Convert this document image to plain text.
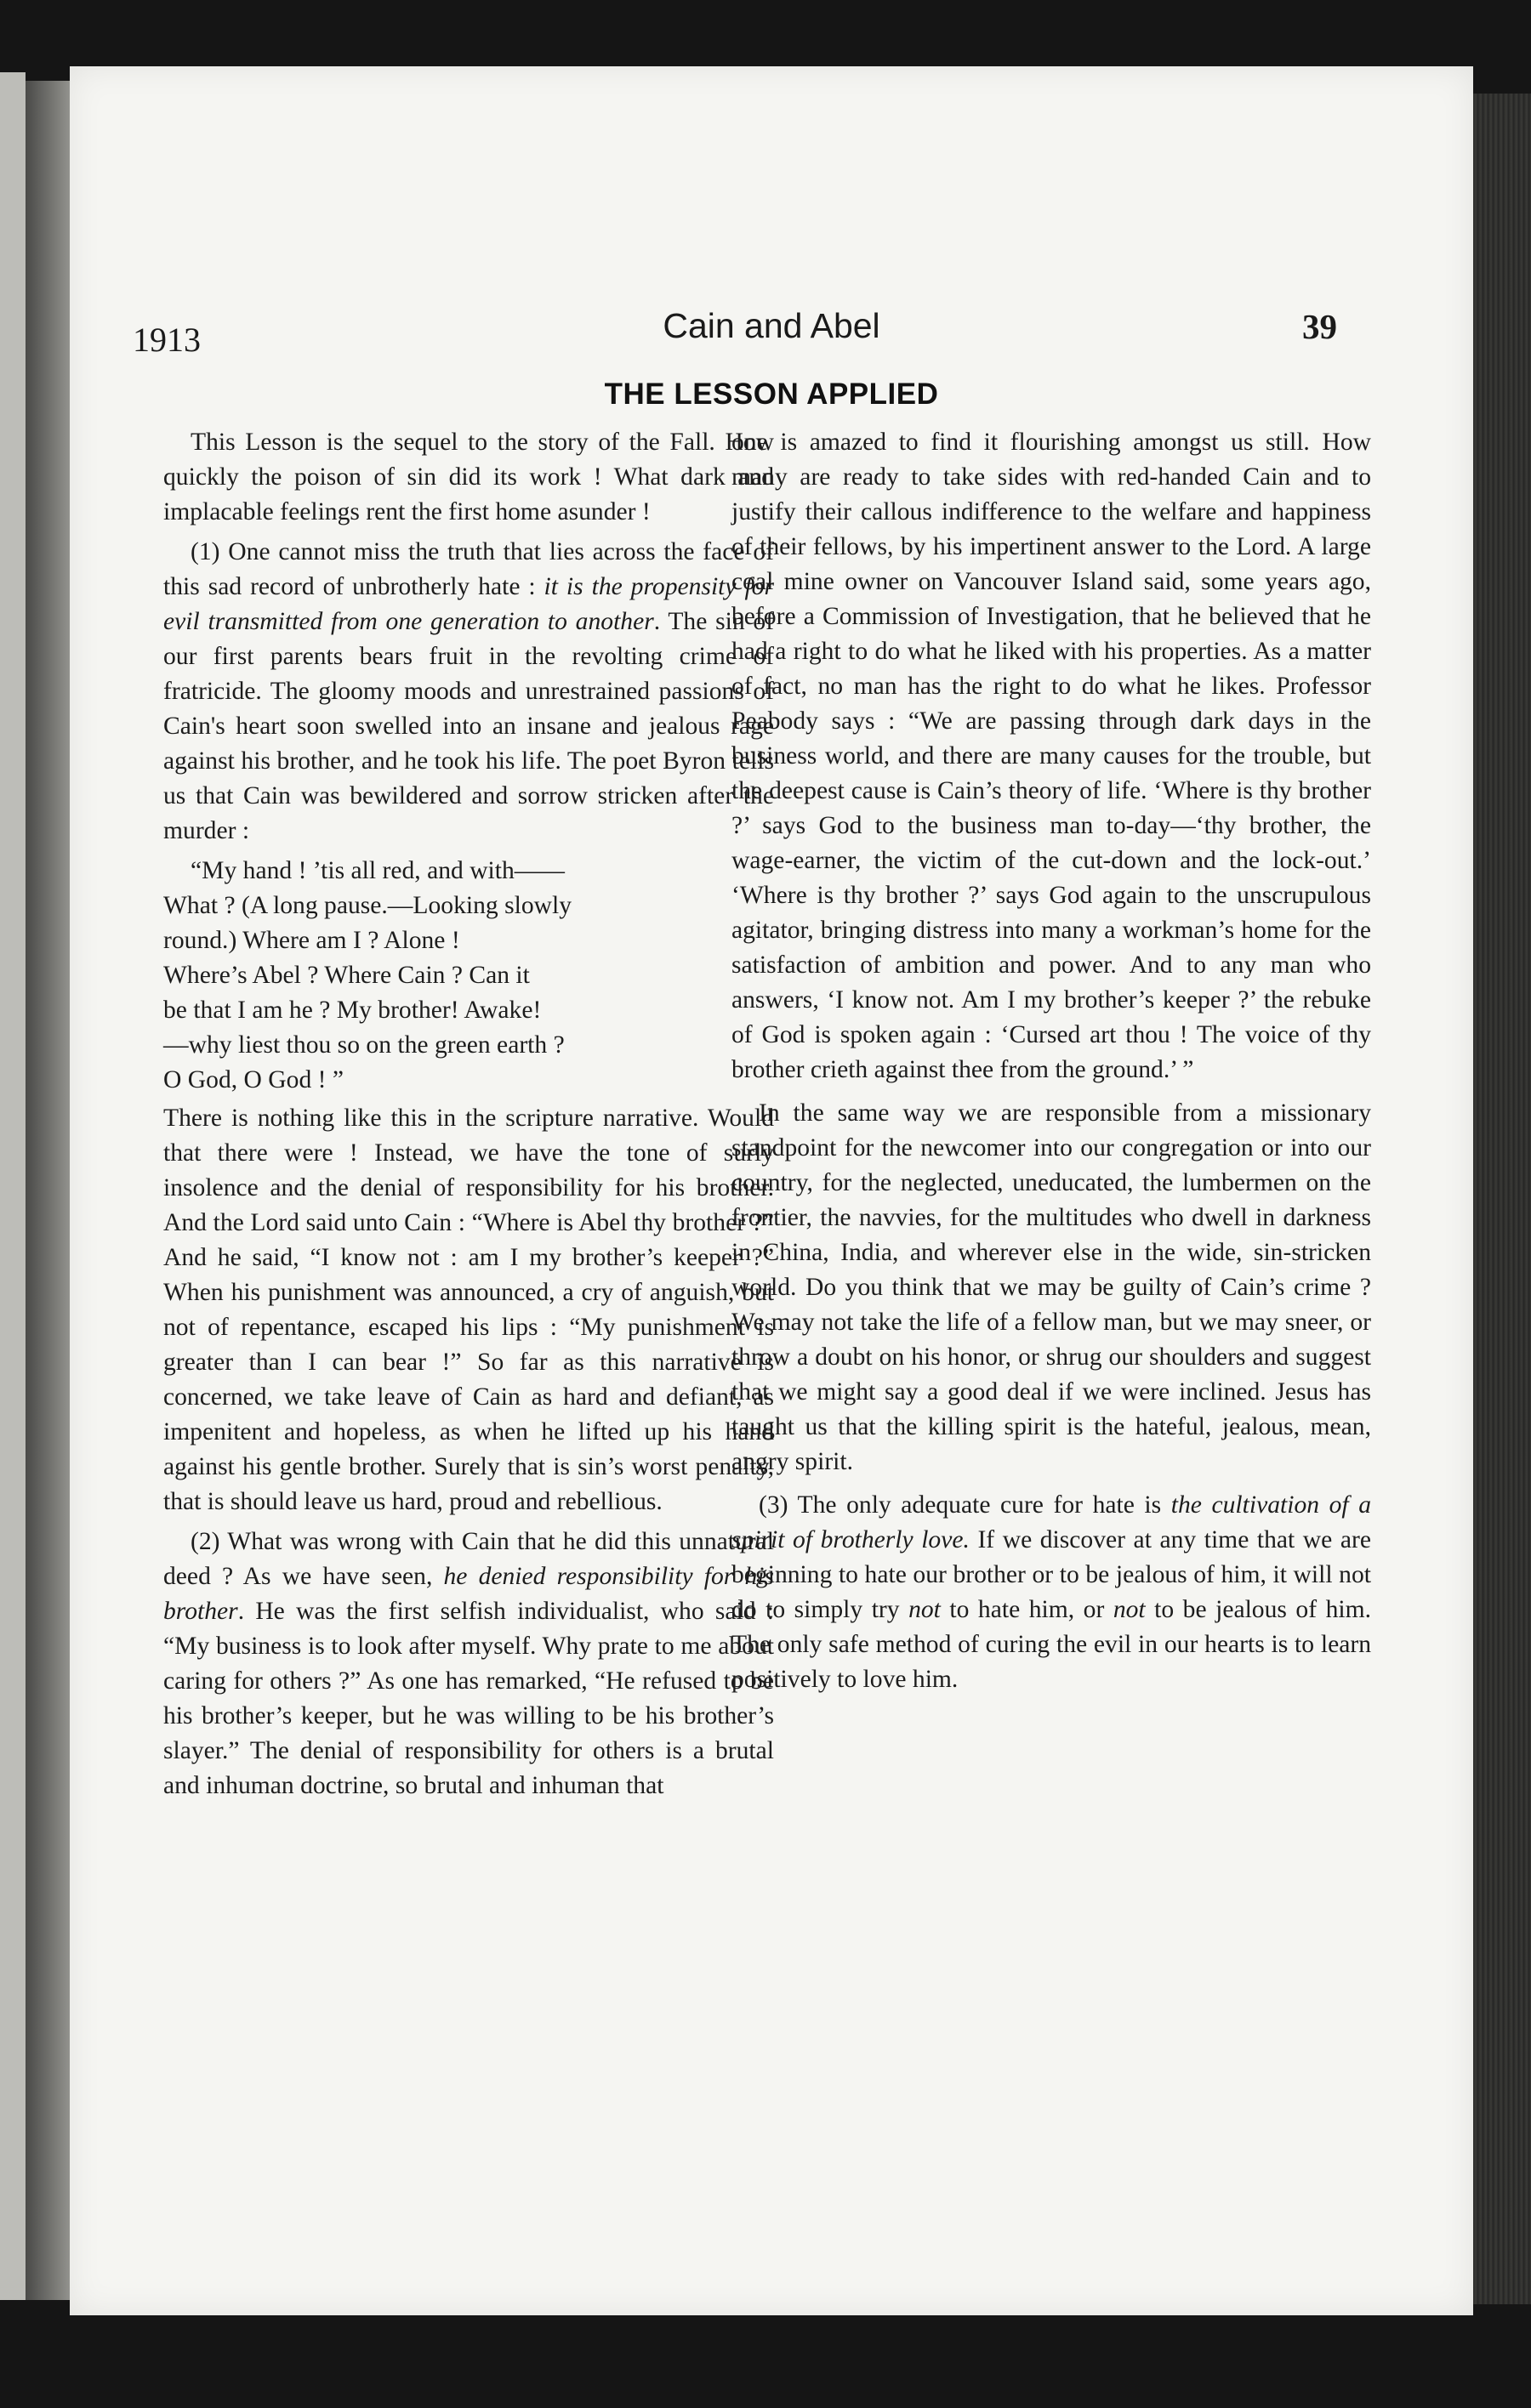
1913	Cain and Abel	39
THE LESSON APPLIED

This Lesson is the sequel to the story of the Fall. How quickly the poison of sin did its work ! What dark and implacable feelings rent the first home asunder !

(1) One cannot miss the truth that lies across the face of this sad record of unbrotherly hate : it is the propensity for evil transmitted from one generation to another. The sin of our first parents bears fruit in the revolting crime of fratricide. The gloomy moods and unrestrained passions of Cain's heart soon swelled into an insane and jealous rage against his brother, and he took his life. The poet Byron tells us that Cain was bewildered and sorrow stricken after the murder :

“My hand ! ’tis all red, and with——
What ? (A long pause.—Looking slowly
round.) Where am I ? Alone !
Where’s Abel ? Where Cain ? Can it
be that I am he ? My brother! Awake!
—why liest thou so on the green earth ?
O God, O God ! ”

There is nothing like this in the scripture narrative. Would that there were ! Instead, we have the tone of surly insolence and the denial of responsibility for his brother. And the Lord said unto Cain : “Where is Abel thy brother ?” And he said, “I know not : am I my brother’s keeper ?” When his punishment was announced, a cry of anguish, but not of repentance, escaped his lips : “My punishment is greater than I can bear !” So far as this narrative is concerned, we take leave of Cain as hard and defiant, as impenitent and hopeless, as when he lifted up his hand against his gentle brother. Surely that is sin’s worst penalty, that is should leave us hard, proud and rebellious.

(2) What was wrong with Cain that he did this unnatural deed ? As we have seen, he denied responsibility for his brother. He was the first selfish individualist, who said : “My business is to look after myself. Why prate to me about caring for others ?” As one has remarked, “He refused to be his brother’s keeper, but he was willing to be his brother’s slayer.” The denial of responsibility for others is a brutal and inhuman doctrine, so brutal and inhuman that

one is amazed to find it flourishing amongst us still. How many are ready to take sides with red-handed Cain and to justify their callous indifference to the welfare and happiness of their fellows, by his impertinent answer to the Lord. A large coal mine owner on Vancouver Island said, some years ago, before a Commission of Investigation, that he believed that he had a right to do what he liked with his properties. As a matter of fact, no man has the right to do what he likes. Professor Peabody says : “We are passing through dark days in the business world, and there are many causes for the trouble, but the deepest cause is Cain’s theory of life. ‘Where is thy brother ?’ says God to the business man to-day—‘thy brother, the wage-earner, the victim of the cut-down and the lock-out.’ ‘Where is thy brother ?’ says God again to the unscrupulous agitator, bringing distress into many a workman’s home for the satisfaction of ambition and power. And to any man who answers, ‘I know not. Am I my brother’s keeper ?’ the rebuke of God is spoken again : ‘Cursed art thou ! The voice of thy brother crieth against thee from the ground.’ ”

In the same way we are responsible from a missionary standpoint for the newcomer into our congregation or into our country, for the neglected, uneducated, the lumbermen on the frontier, the navvies, for the multitudes who dwell in darkness in China, India, and wherever else in the wide, sin-stricken world. Do you think that we may be guilty of Cain’s crime ? We may not take the life of a fellow man, but we may sneer, or throw a doubt on his honor, or shrug our shoulders and suggest that we might say a good deal if we were inclined. Jesus has taught us that the killing spirit is the hateful, jealous, mean, angry spirit.

(3) The only adequate cure for hate is the cultivation of a spirit of brotherly love. If we discover at any time that we are beginning to hate our brother or to be jealous of him, it will not do to simply try not to hate him, or not to be jealous of him. The only safe method of curing the evil in our hearts is to learn positively to love him.
